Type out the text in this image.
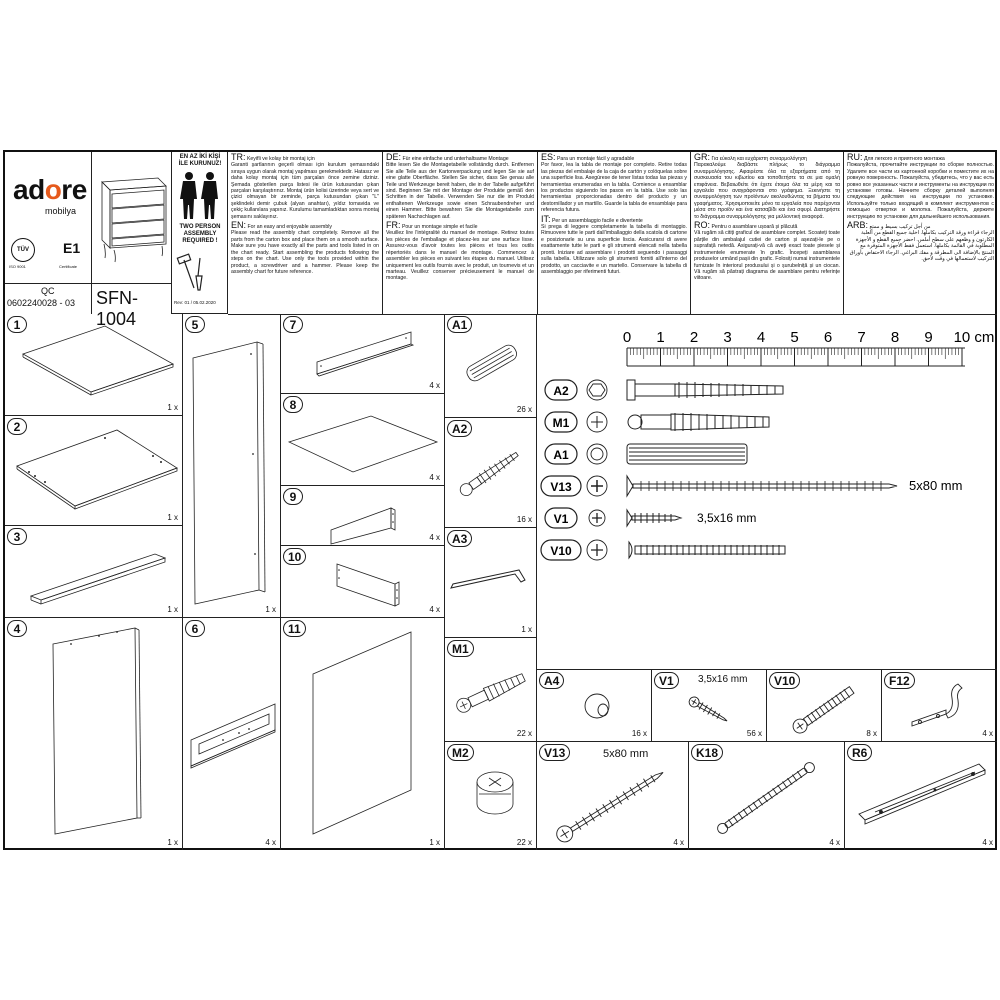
adore
mobilya
TÜV
ISO 9001
E1
Certificate
QC
0602240028 - 03 SFN-1004
EN AZ İKİ KİŞİ
İLE KURUNUZ!
TWO PERSON
ASSEMBLY
REQUIRED !
Rev: 01 / 05.02.2020
TR: Keyifli ve kolay bir montaj için
Garanti şartlarının geçerli olması için kurulum şemasındaki sıraya uygun olarak montaj yapılması gerekmektedir. Hatasız ve daha kolay montaj için tüm parçaları önce zemine diziniz. Şemada gösterilen parça listesi ile ürün kutusundan çıkan parçaları karşılaştırınız. Montaj ürün kolisi üzerinde veya sert ve çizici olmayan bir zeminde, parça kutusundan çıkan "L" şeklindeki demir çubuk (alyan anahtarı), yıldız tornavida ve çekiç kullanılara yapınız. Kurulumu tamamladıktan sonra montaj şemasını saklayınız.
EN: For an easy and enjoyable assembly
Please read the assembly chart completely. Remove all the parts from the carton box and place them on a smooth surface. Make sure you have exactly all the parts and tools listed in on the chart ready. Start assembling the products following the steps on the chart. Use only the tools provided within the product, a screwdriver and a hammer. Please keep the assembly chart for future reference.
DE: Für eine einfache und unterhaltsame Montage
Bitte lesen Sie die Montagetabelle vollständig durch. Entfernen Sie alle Teile aus der Kartonverpackung und legen Sie sie auf eine glatte Oberfläche. Stellen Sie sicher, dass Sie genau alle Teile und Werkzeuge bereit haben, die in der Tabelle aufgeführt sind. Beginnen Sie mit der Montage der Produkte gemäß den Schritten in der Tabelle. Verwenden Sie nur die im Produkt enthaltenen Werkzeuge sowie einen Schraubendreher und einen Hammer. Bitte bewahren Sie die Montagetabelle zum späteren Nachschlagen auf.
FR: Pour un montage simple et facile
Veuillez lire l'intégralité du manuel de montage. Retirez toutes les pièces de l'emballage et placez-les sur une surface lisse. Assurez-vous d'avoir toutes les pièces et tous les outils répertoriés dans le manuel de montage. Commencez à assembler les pièces en suivant les étapes du manuel. Utilisez uniquement les outils fournis avec le produit, un tournevis et un marteau. Veuillez conserver précieusement le manuel de montage.
ES: Para un montaje fácil y agradable
Por favor, lea la tabla de montaje por completo. Retire todas las piezas del embalaje de la caja de cartón y colóquelas sobre una superficie lisa. Asegúrese de tener listas todas las piezas y herramientas enumeradas en la tabla. Comience a ensamblar los productos siguiendo los pasos en la tabla. Use solo las herramientas proporcionadas dentro del producto y un destornillador y un martillo. Guarde la tabla de ensamblaje para referencia futura.
IT: Per un assemblaggio facile e divertente
Si prega di leggere completamente la tabella di montaggio. Rimuovere tutte le parti dall'imballaggio della scatola di cartone e posizionarle su una superficie liscia. Assicurarsi di avere esattamente tutte le parti e gli strumenti elencati nella tabella pronti. Iniziare ad assemblare i prodotti seguendo i passaggi sulla tabella. Utilizzare solo gli strumenti forniti all'interno del prodotto, un cacciavite e un martello. Conservare la tabella di assemblaggio per riferimenti futuri.
GR: Για εύκολη και ευχάριστη συναρμολόγηση
Παρακαλούμε διαβάστε πλήρως το διάγραμμα συναρμολόγησης. Αφαιρέστε όλα τα εξαρτήματα από τη συσκευασία του κιβωτίου και τοποθετήστε τα σε μια ομαλή επιφάνεια. Βεβαιωθείτε ότι έχετε έτοιμα όλα τα μέρη και τα εργαλεία που αναγράφονται στο γράφημα. Ξεκινήστε τη συναρμολόγηση των προϊόντων ακολουθώντας τα βήματα του γραφήματος. Χρησιμοποιείτε μόνο τα εργαλεία που παρέχονται μέσα στο προϊόν και ένα κατσαβίδι και ένα σφυρί. Διατηρήστε το διάγραμμα συναρμολόγησης για μελλοντική αναφορά.
RO: Pentru o asamblare ușoară și plăcută
Vă rugăm să citiți graficul de asamblare complet. Scoateți toate părțile din ambalajul cutiei de carton și așezați-le pe o suprafață netedă. Asigurați-vă că aveți exact toate piesele și instrumentele enumerate în grafic. Începeți asamblarea produselor urmând pașii din grafic. Folosiți numai instrumentele furnizate în interiorul produsului și o șurubelniță și un ciocan. Vă rugăm să păstrați diagrama de asamblare pentru referințe viitoare.
RU: Для легкого и приятного монтажа
Пожалуйста, прочитайте инструкции по сборке полностью. Удалите все части из картонной коробки и поместите их на ровную поверхность. Пожалуйста, убедитесь, что у вас есть ровно все указанных части и инструменты на инструкции по установке готовы. Начните сборку деталей выполняя следующие действия на инструкции по установке. Используйте только входящий в комплект инструментов с помощью отвертки и молотка. Пожалуйста, держите инструкцию по установке для дальнейшего использования.
ARB: من أجل تركيب بسيط و ممتع
الرجاء قراءة ورقة التركيب بكاملها. اخلية جميع القطع من العلبة الكارتون و وظعهم على سطح أملس. احضر جميع القطع و الأجهزة المطلوبة في القائمة بكاملها. استعمل فقط الأجهزة المتوفرة مع المنتج بالإضافة الى المطرقة و مفك البراغي. الرجاء الاحتفاض بأوراق التركيب لاستعمالها في وقت لاحق.
1
1 x
2
1 x
3
1 x
4
1 x
5
1 x
6
4 x
7
4 x
8
4 x
9
4 x
10
4 x
11
1 x
A1
26 x
A2
16 x
A3
1 x
M1
22 x
M2
22 x
0 1 2 3 4 5 6 7 8 9 10 cm
A2
M1
A1
V13	5x80 mm
V1	3,5x16 mm
V10
A4
16 x
V1	3,5x16 mm
56 x
V10
8 x
F12
4 x
V13	5x80 mm
4 x
K18
4 x
R6
4 x
